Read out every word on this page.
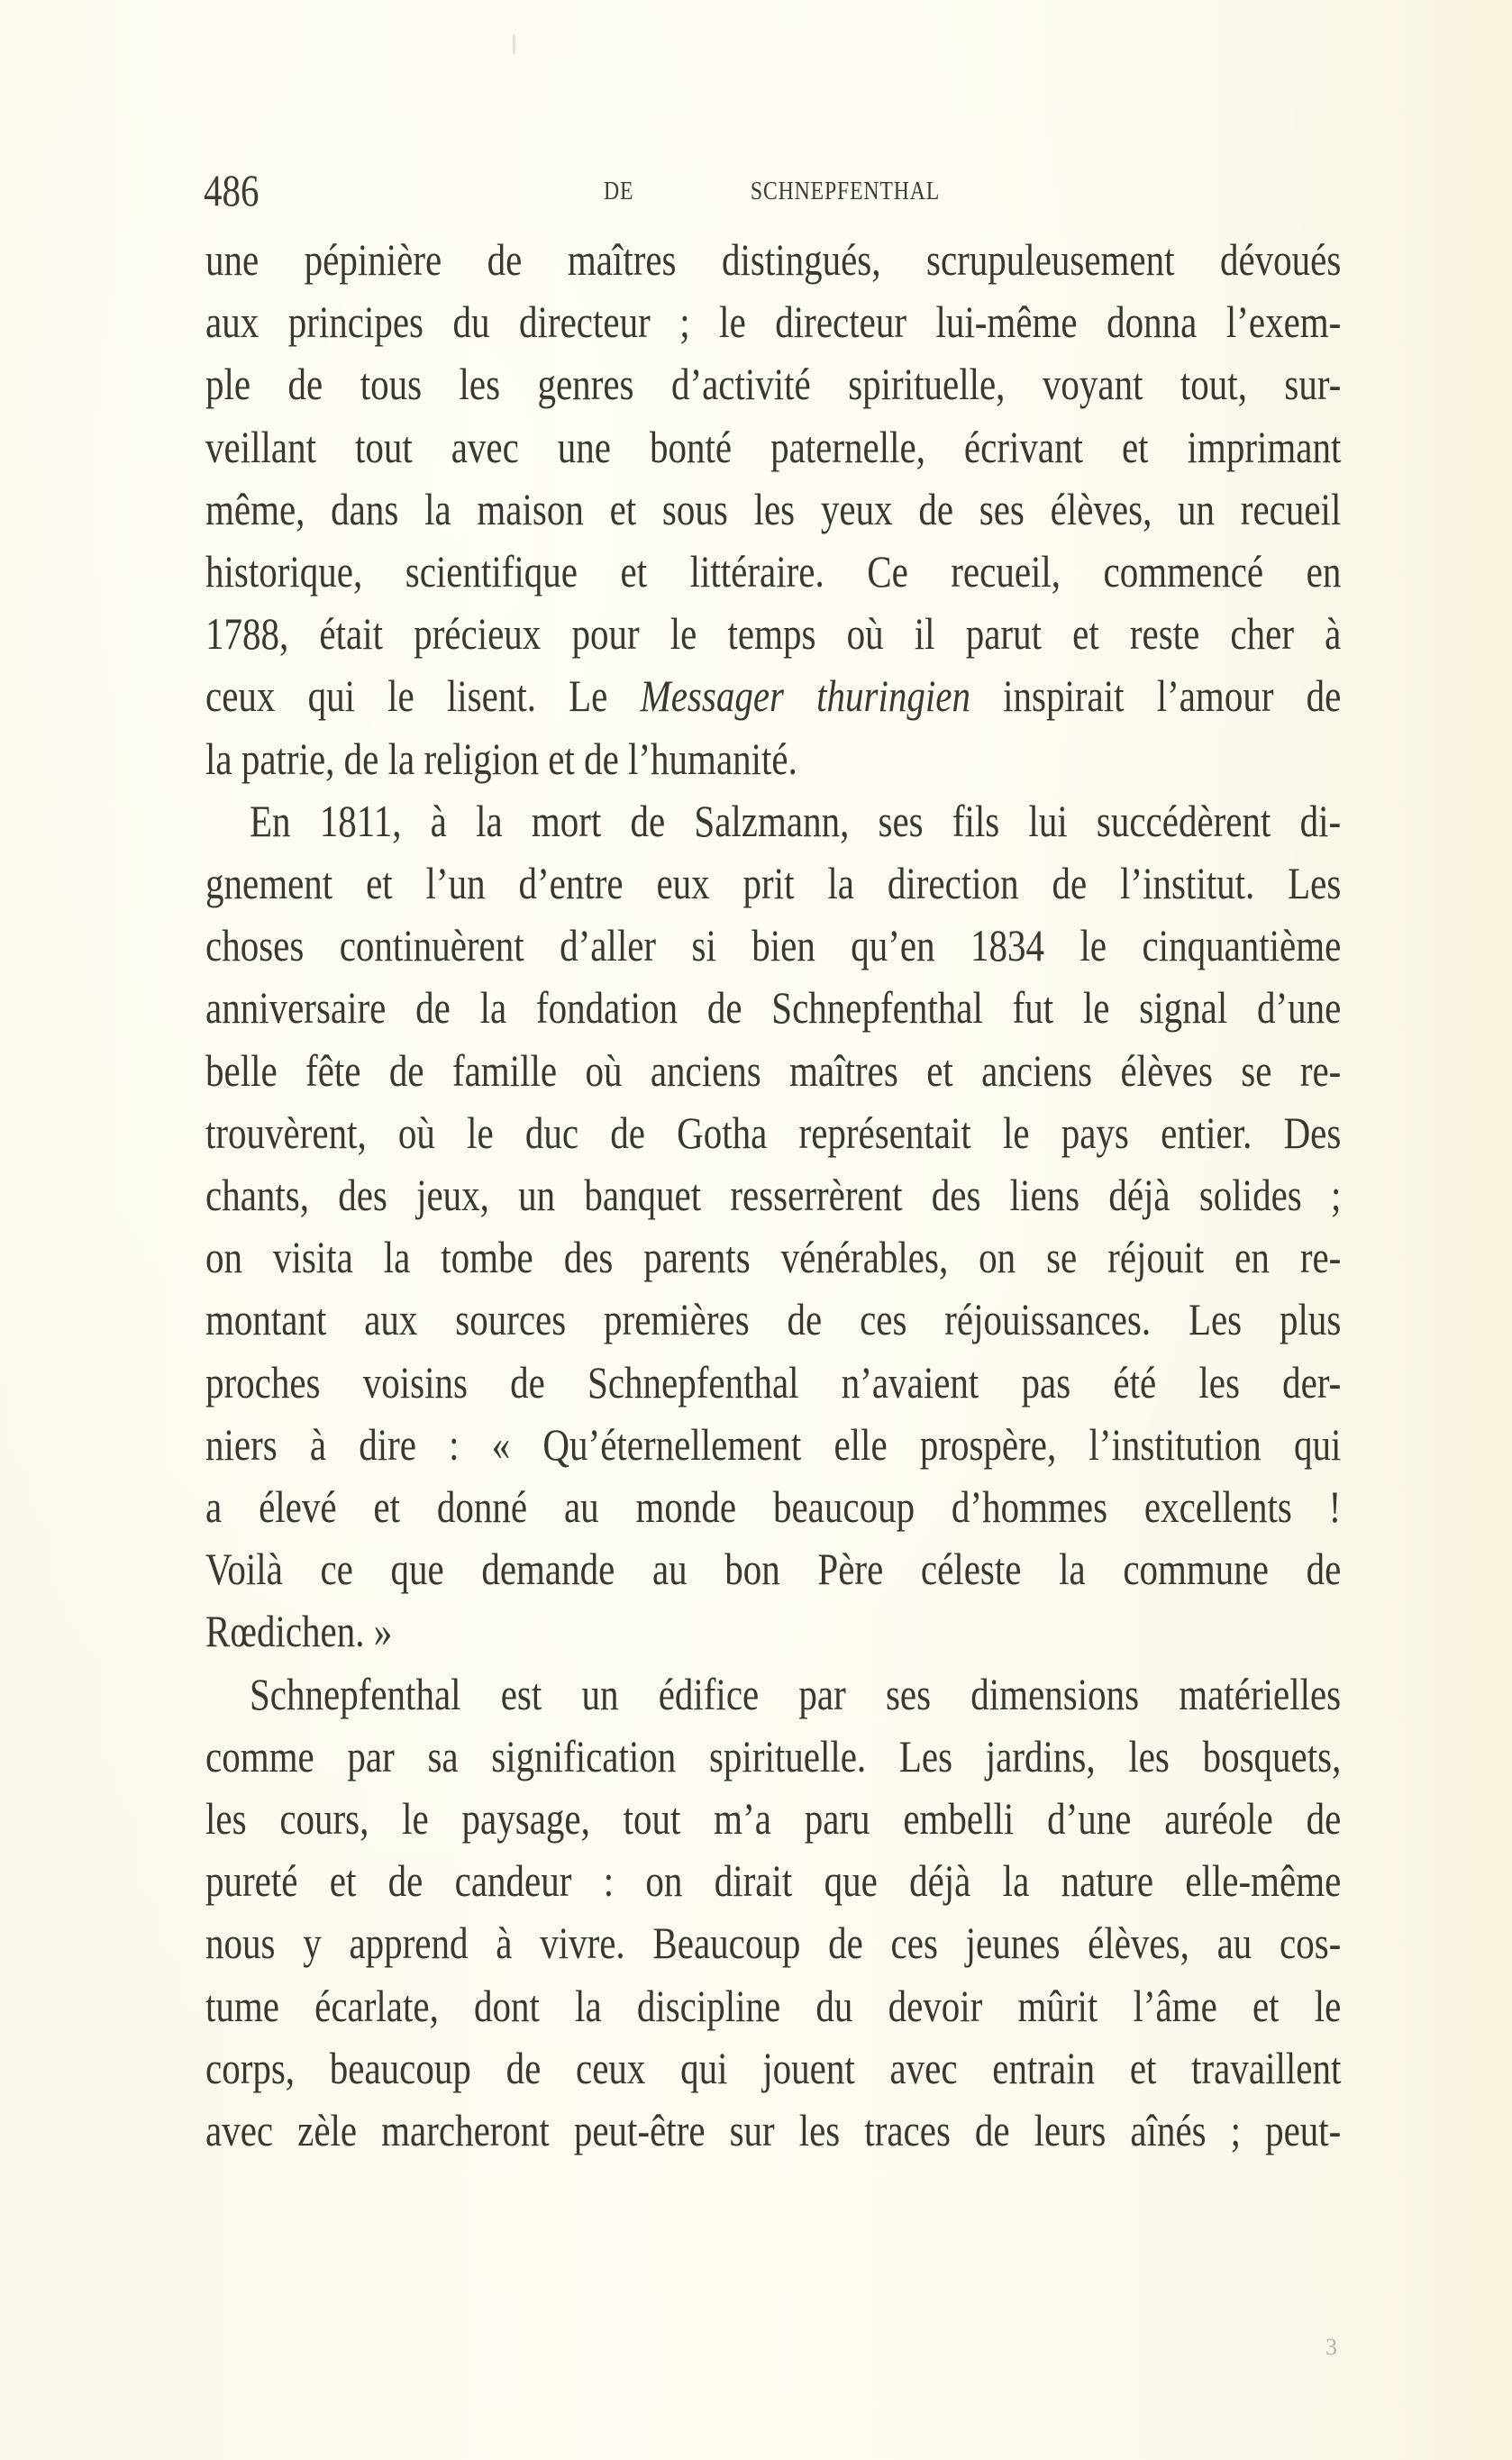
486	DE SCHNEPFENTHAL
une pépinière de maîtres distingués, scrupuleusement dévoués
aux principes du directeur ; le directeur lui-même donna l’exem-
ple de tous les genres d’activité spirituelle, voyant tout, sur-
veillant tout avec une bonté paternelle, écrivant et imprimant
même, dans la maison et sous les yeux de ses élèves, un recueil
historique, scientifique et littéraire. Ce recueil, commencé en
1788, était précieux pour le temps où il parut et reste cher à
ceux qui le lisent. Le Messager thuringien inspirait l’amour de
la patrie, de la religion et de l’humanité.
En 1811, à la mort de Salzmann, ses fils lui succédèrent di-
gnement et l’un d’entre eux prit la direction de l’institut. Les
choses continuèrent d’aller si bien qu’en 1834 le cinquantième
anniversaire de la fondation de Schnepfenthal fut le signal d’une
belle fête de famille où anciens maîtres et anciens élèves se re-
trouvèrent, où le duc de Gotha représentait le pays entier. Des
chants, des jeux, un banquet resserrèrent des liens déjà solides ;
on visita la tombe des parents vénérables, on se réjouit en re-
montant aux sources premières de ces réjouissances. Les plus
proches voisins de Schnepfenthal n’avaient pas été les der-
niers à dire : « Qu’éternellement elle prospère, l’institution qui
a élevé et donné au monde beaucoup d’hommes excellents !
Voilà ce que demande au bon Père céleste la commune de
Rœdichen. »
Schnepfenthal est un édifice par ses dimensions matérielles
comme par sa signification spirituelle. Les jardins, les bosquets,
les cours, le paysage, tout m’a paru embelli d’une auréole de
pureté et de candeur : on dirait que déjà la nature elle-même
nous y apprend à vivre. Beaucoup de ces jeunes élèves, au cos-
tume écarlate, dont la discipline du devoir mûrit l’âme et le
corps, beaucoup de ceux qui jouent avec entrain et travaillent
avec zèle marcheront peut-être sur les traces de leurs aînés ; peut-
3
